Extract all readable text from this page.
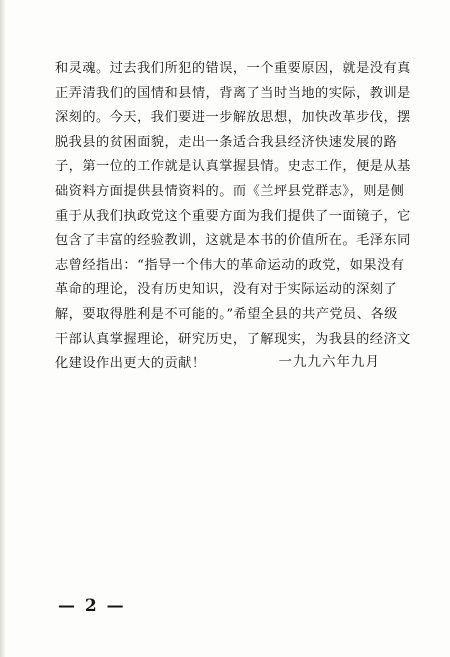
和灵魂。过去我们所犯的错误，一个重要原因，就是没有真
正弄清我们的国情和县情，背离了当时当地的实际，教训是
深刻的。今天，我们要进一步解放思想，加快改革步伐，摆
脱我县的贫困面貌，走出一条适合我县经济快速发展的路
子，第一位的工作就是认真掌握县情。史志工作，便是从基
础资料方面提供县情资料的。而《兰坪县党群志》，则是侧
重于从我们执政党这个重要方面为我们提供了一面镜子，它
包含了丰富的经验教训，这就是本书的价值所在。毛泽东同
志曾经指出：“指导一个伟大的革命运动的政党，如果没有
革命的理论，没有历史知识，没有对于实际运动的深刻了
解，要取得胜利是不可能的。”希望全县的共产党员、各级
干部认真掌握理论，研究历史，了解现实，为我县的经济文
化建设作出更大的贡献！	一九九六年九月
— 2 —
